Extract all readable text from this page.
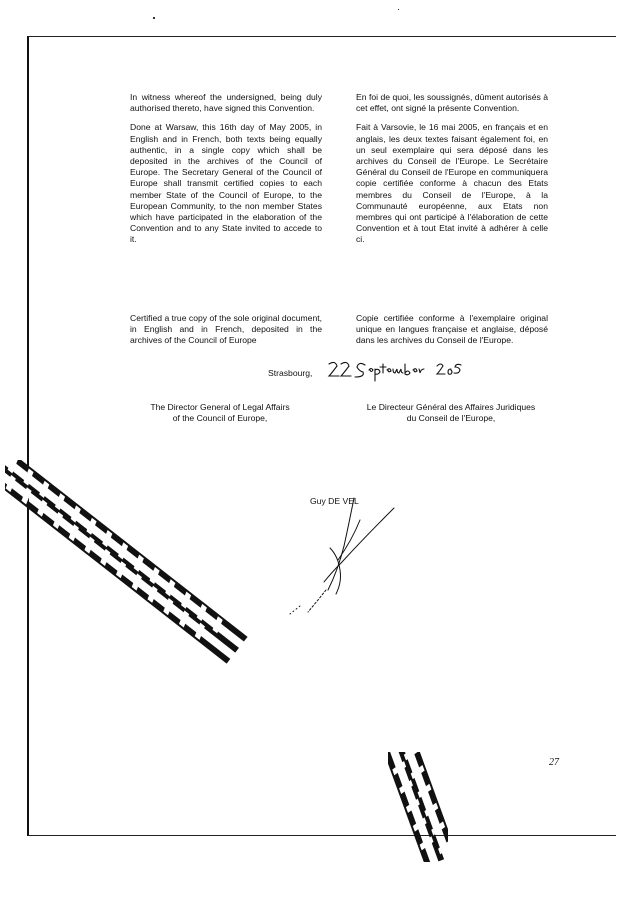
In witness whereof the undersigned, being duly authorised thereto, have signed this Convention.

Done at Warsaw, this 16th day of May 2005, in English and in French, both texts being equally authentic, in a single copy which shall be deposited in the archives of the Council of Europe. The Secretary General of the Council of Europe shall transmit certified copies to each member State of the Council of Europe, to the European Community, to the non member States which have participated in the elaboration of the Convention and to any State invited to accede to it.

En foi de quoi, les soussignés, dûment autorisés à cet effet, ont signé la présente Convention.

Fait à Varsovie, le 16 mai 2005, en français et en anglais, les deux textes faisant également foi, en un seul exemplaire qui sera déposé dans les archives du Conseil de l'Europe. Le Secrétaire Général du Conseil de l'Europe en communiquera copie certifiée conforme à chacun des Etats membres du Conseil de l'Europe, à la Communauté européenne, aux Etats non membres qui ont participé à l'élaboration de cette Convention et à tout Etat invité à adhérer à celle ci.

Certified a true copy of the sole original document, in English and in French, deposited in the archives of the Council of Europe

Copie certifiée conforme à l'exemplaire original unique en langues française et anglaise, déposé dans les archives du Conseil de l'Europe.

Strasbourg,
The Director General of Legal Affairs
of the Council of Europe,
Le Directeur Général des Affaires Juridiques
du Conseil de l'Europe,
Guy DE VEL
27
